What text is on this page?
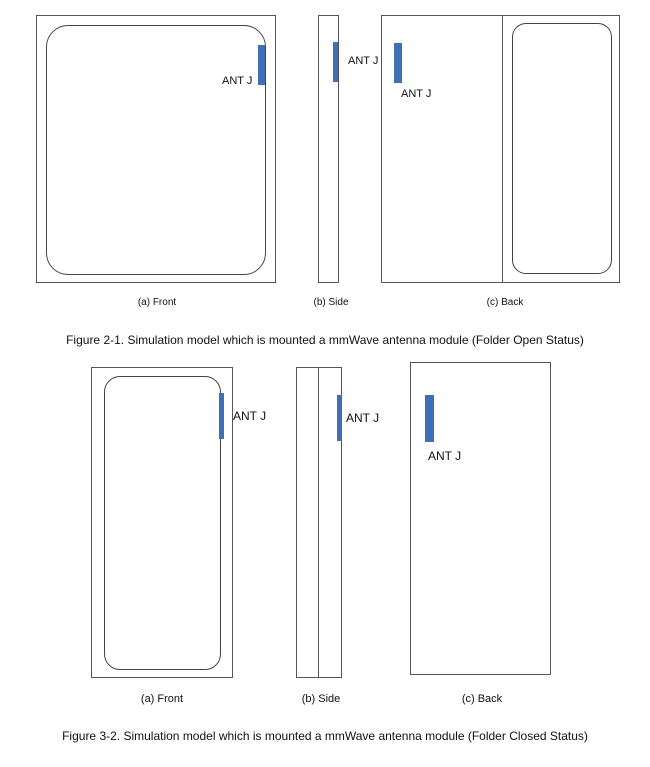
ANT J
(a) Front
ANT J
(b) Side
ANT J
(c) Back
Figure 2-1. Simulation model which is mounted a mmWave antenna module (Folder Open Status)
ANT J
(a) Front
ANT J
(b) Side
ANT J
(c) Back
Figure 3-2. Simulation model which is mounted a mmWave antenna module (Folder Closed Status)
